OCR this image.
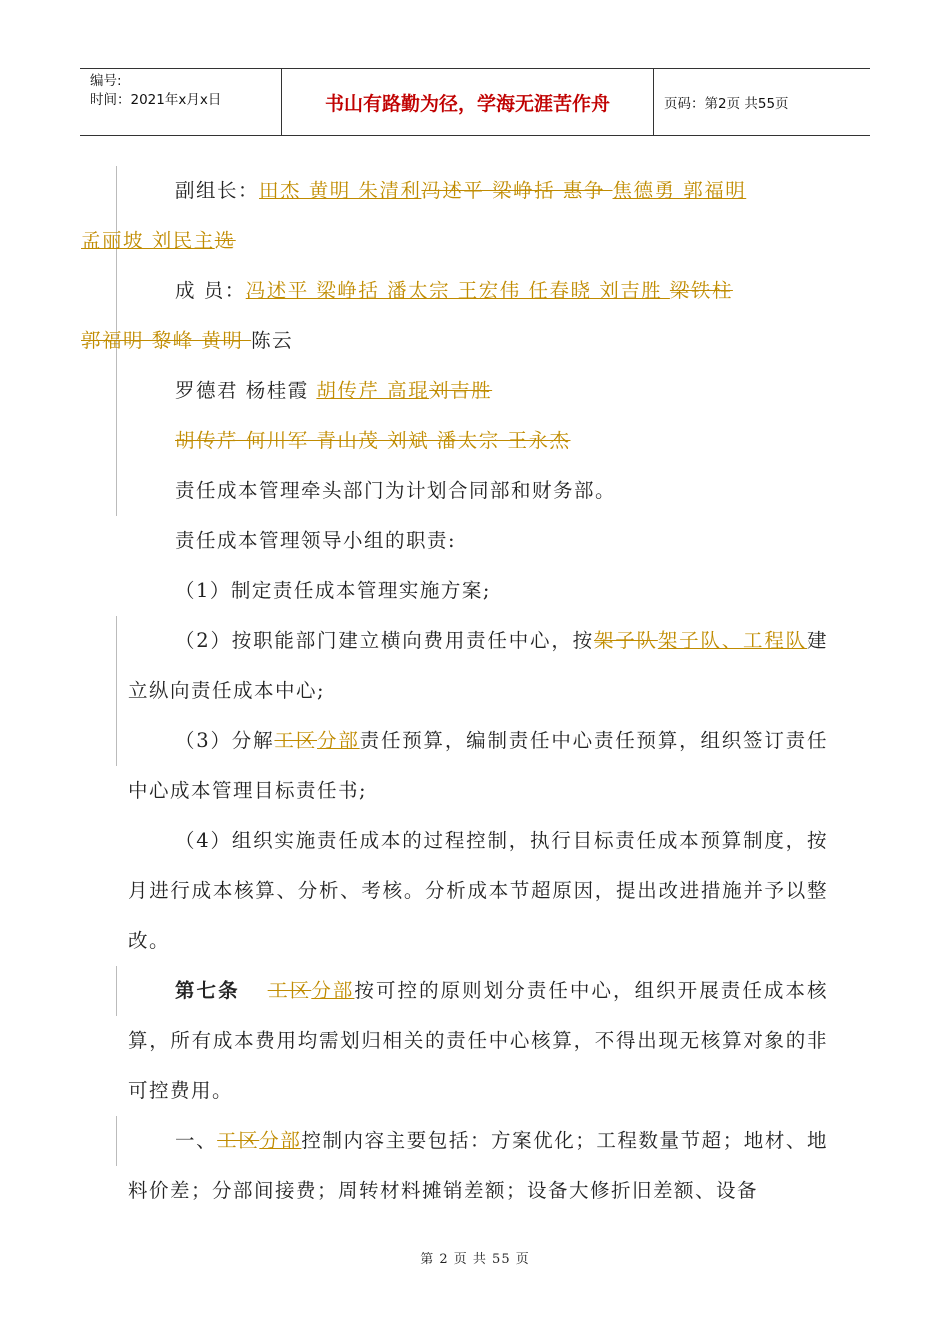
编号:
时间：2021年x月x日	书山有路勤为径，学海无涯苦作舟	页码：第2页 共55页

副组长：田杰 黄明 朱清利冯述平 梁峥括 惠争 焦德勇 郭福明
孟丽坡 刘民主选

成 员：冯述平 梁峥括 潘太宗 王宏伟 任春晓 刘吉胜 梁铁柱
郭福明 黎峰 黄明 陈云

罗德君 杨桂霞 胡传芹 高琨刘吉胜

胡传芹 何川军 青山茂 刘斌 潘太宗 王永杰

责任成本管理牵头部门为计划合同部和财务部。

责任成本管理领导小组的职责:

（1）制定责任成本管理实施方案;

（2）按职能部门建立横向费用责任中心，按架子队架子队、工程队建立纵向责任成本中心;

（3）分解工区分部责任预算，编制责任中心责任预算，组织签订责任中心成本管理目标责任书;

（4）组织实施责任成本的过程控制，执行目标责任成本预算制度，按月进行成本核算、分析、考核。分析成本节超原因，提出改进措施并予以整改。

第七条 工区分部按可控的原则划分责任中心，组织开展责任成本核算，所有成本费用均需划归相关的责任中心核算，不得出现无核算对象的非可控费用。

一、工区分部控制内容主要包括：方案优化；工程数量节超；地材、地料价差；分部间接费；周转材料摊销差额；设备大修折旧差额、设备

第 2 页 共 55 页
